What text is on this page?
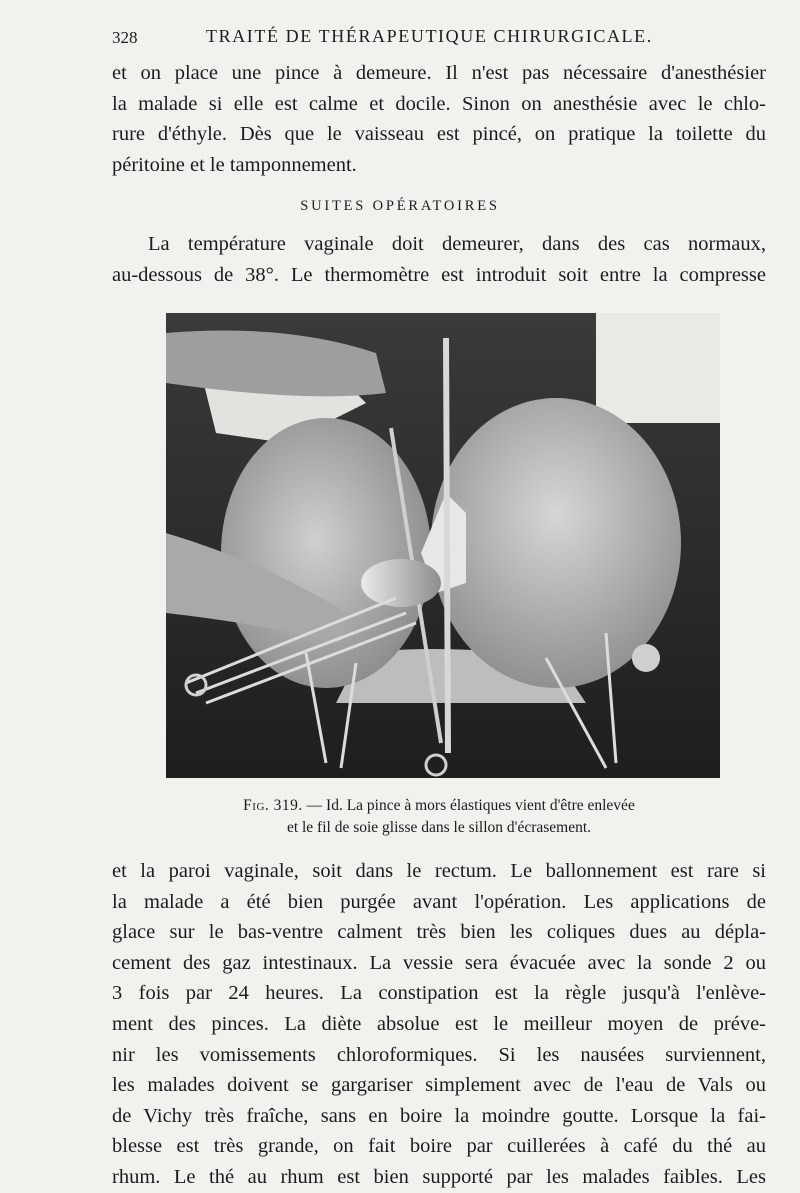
328	TRAITÉ DE THÉRAPEUTIQUE CHIRURGICALE.
et on place une pince à demeure. Il n'est pas nécessaire d'anesthésier
la malade si elle est calme et docile. Sinon on anesthésie avec le chlo-
rure d'éthyle. Dès que le vaisseau est pincé, on pratique la toilette du
péritoine et le tamponnement.
SUITES OPÉRATOIRES
La température vaginale doit demeurer, dans des cas normaux,
au-dessous de 38°. Le thermomètre est introduit soit entre la compresse
Fig. 319. — Id. La pince à mors élastiques vient d'être enlevée
et le fil de soie glisse dans le sillon d'écrasement.
et la paroi vaginale, soit dans le rectum. Le ballonnement est rare si
la malade a été bien purgée avant l'opération. Les applications de
glace sur le bas-ventre calment très bien les coliques dues au dépla-
cement des gaz intestinaux. La vessie sera évacuée avec la sonde 2 ou
3 fois par 24 heures. La constipation est la règle jusqu'à l'enlève-
ment des pinces. La diète absolue est le meilleur moyen de préve-
nir les vomissements chloroformiques. Si les nausées surviennent,
les malades doivent se gargariser simplement avec de l'eau de Vals ou
de Vichy très fraîche, sans en boire la moindre goutte. Lorsque la fai-
blesse est très grande, on fait boire par cuillerées à café du thé au
rhum. Le thé au rhum est bien supporté par les malades faibles. Les
